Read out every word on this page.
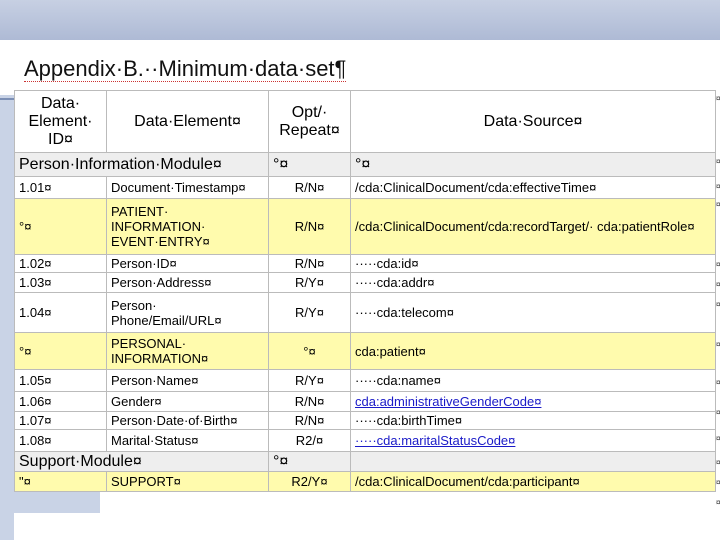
Appendix·B.··Minimum·data·set¶
Data· Element· ID¤	Data·Element¤	Opt/· Repeat¤	Data·Source¤
Person·Information·Module¤		°¤	°¤
1.01¤	Document·Timestamp¤	R/N¤	/cda:ClinicalDocument/cda:effectiveTime¤
°¤	PATIENT· INFORMATION· EVENT·ENTRY¤	R/N¤	/cda:ClinicalDocument/cda:recordTarget/· cda:patientRole¤
1.02¤	Person·ID¤	R/N¤	·····cda:id¤
1.03¤	Person·Address¤	R/Y¤	·····cda:addr¤
1.04¤	Person· Phone/Email/URL¤	R/Y¤	·····cda:telecom¤
°¤	PERSONAL· INFORMATION¤	°¤	cda:patient¤
1.05¤	Person·Name¤	R/Y¤	·····cda:name¤
1.06¤	Gender¤	R/N¤	cda:administrativeGenderCode¤
1.07¤	Person·Date·of·Birth¤	R/N¤	·····cda:birthTime¤
1.08¤	Marital·Status¤	R2/¤	·····cda:maritalStatusCode¤
Support·Module¤		°¤	
"¤	SUPPORT¤	R2/Y¤	/cda:ClinicalDocument/cda:participant¤
¤
¤
¤
¤
¤
¤
¤
¤
¤
¤
¤
¤
¤
¤
